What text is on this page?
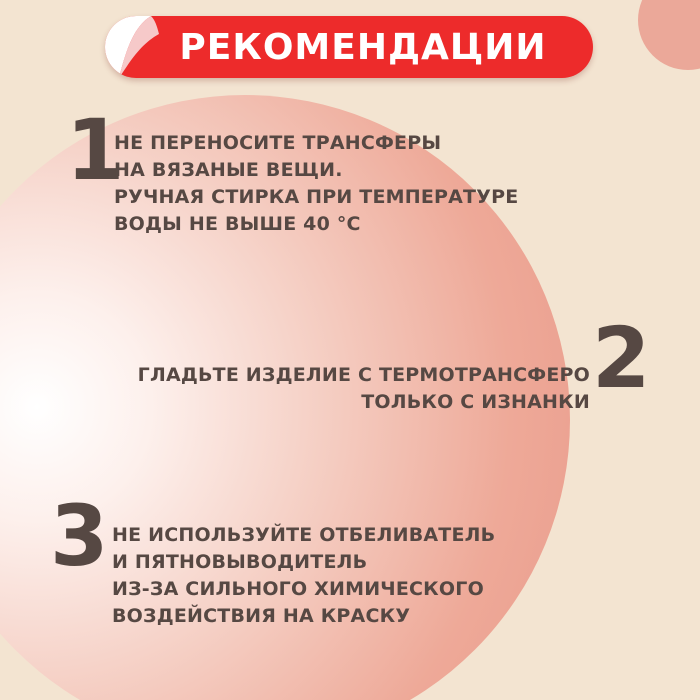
РЕКОМЕНДАЦИИ
1
НЕ ПЕРЕНОСИТЕ ТРАНСФЕРЫ
НА ВЯЗАНЫЕ ВЕЩИ.
РУЧНАЯ СТИРКА ПРИ ТЕМПЕРАТУРЕ
ВОДЫ НЕ ВЫШЕ 40 °С
2
ГЛАДЬТЕ ИЗДЕЛИЕ С ТЕРМОТРАНСФЕРО
ТОЛЬКО С ИЗНАНКИ
3 НЕ ИСПОЛЬЗУЙТЕ ОТБЕЛИВАТЕЛЬ
И ПЯТНОВЫВОДИТЕЛЬ
ИЗ-ЗА СИЛЬНОГО ХИМИЧЕСКОГО
ВОЗДЕЙСТВИЯ НА КРАСКУ
